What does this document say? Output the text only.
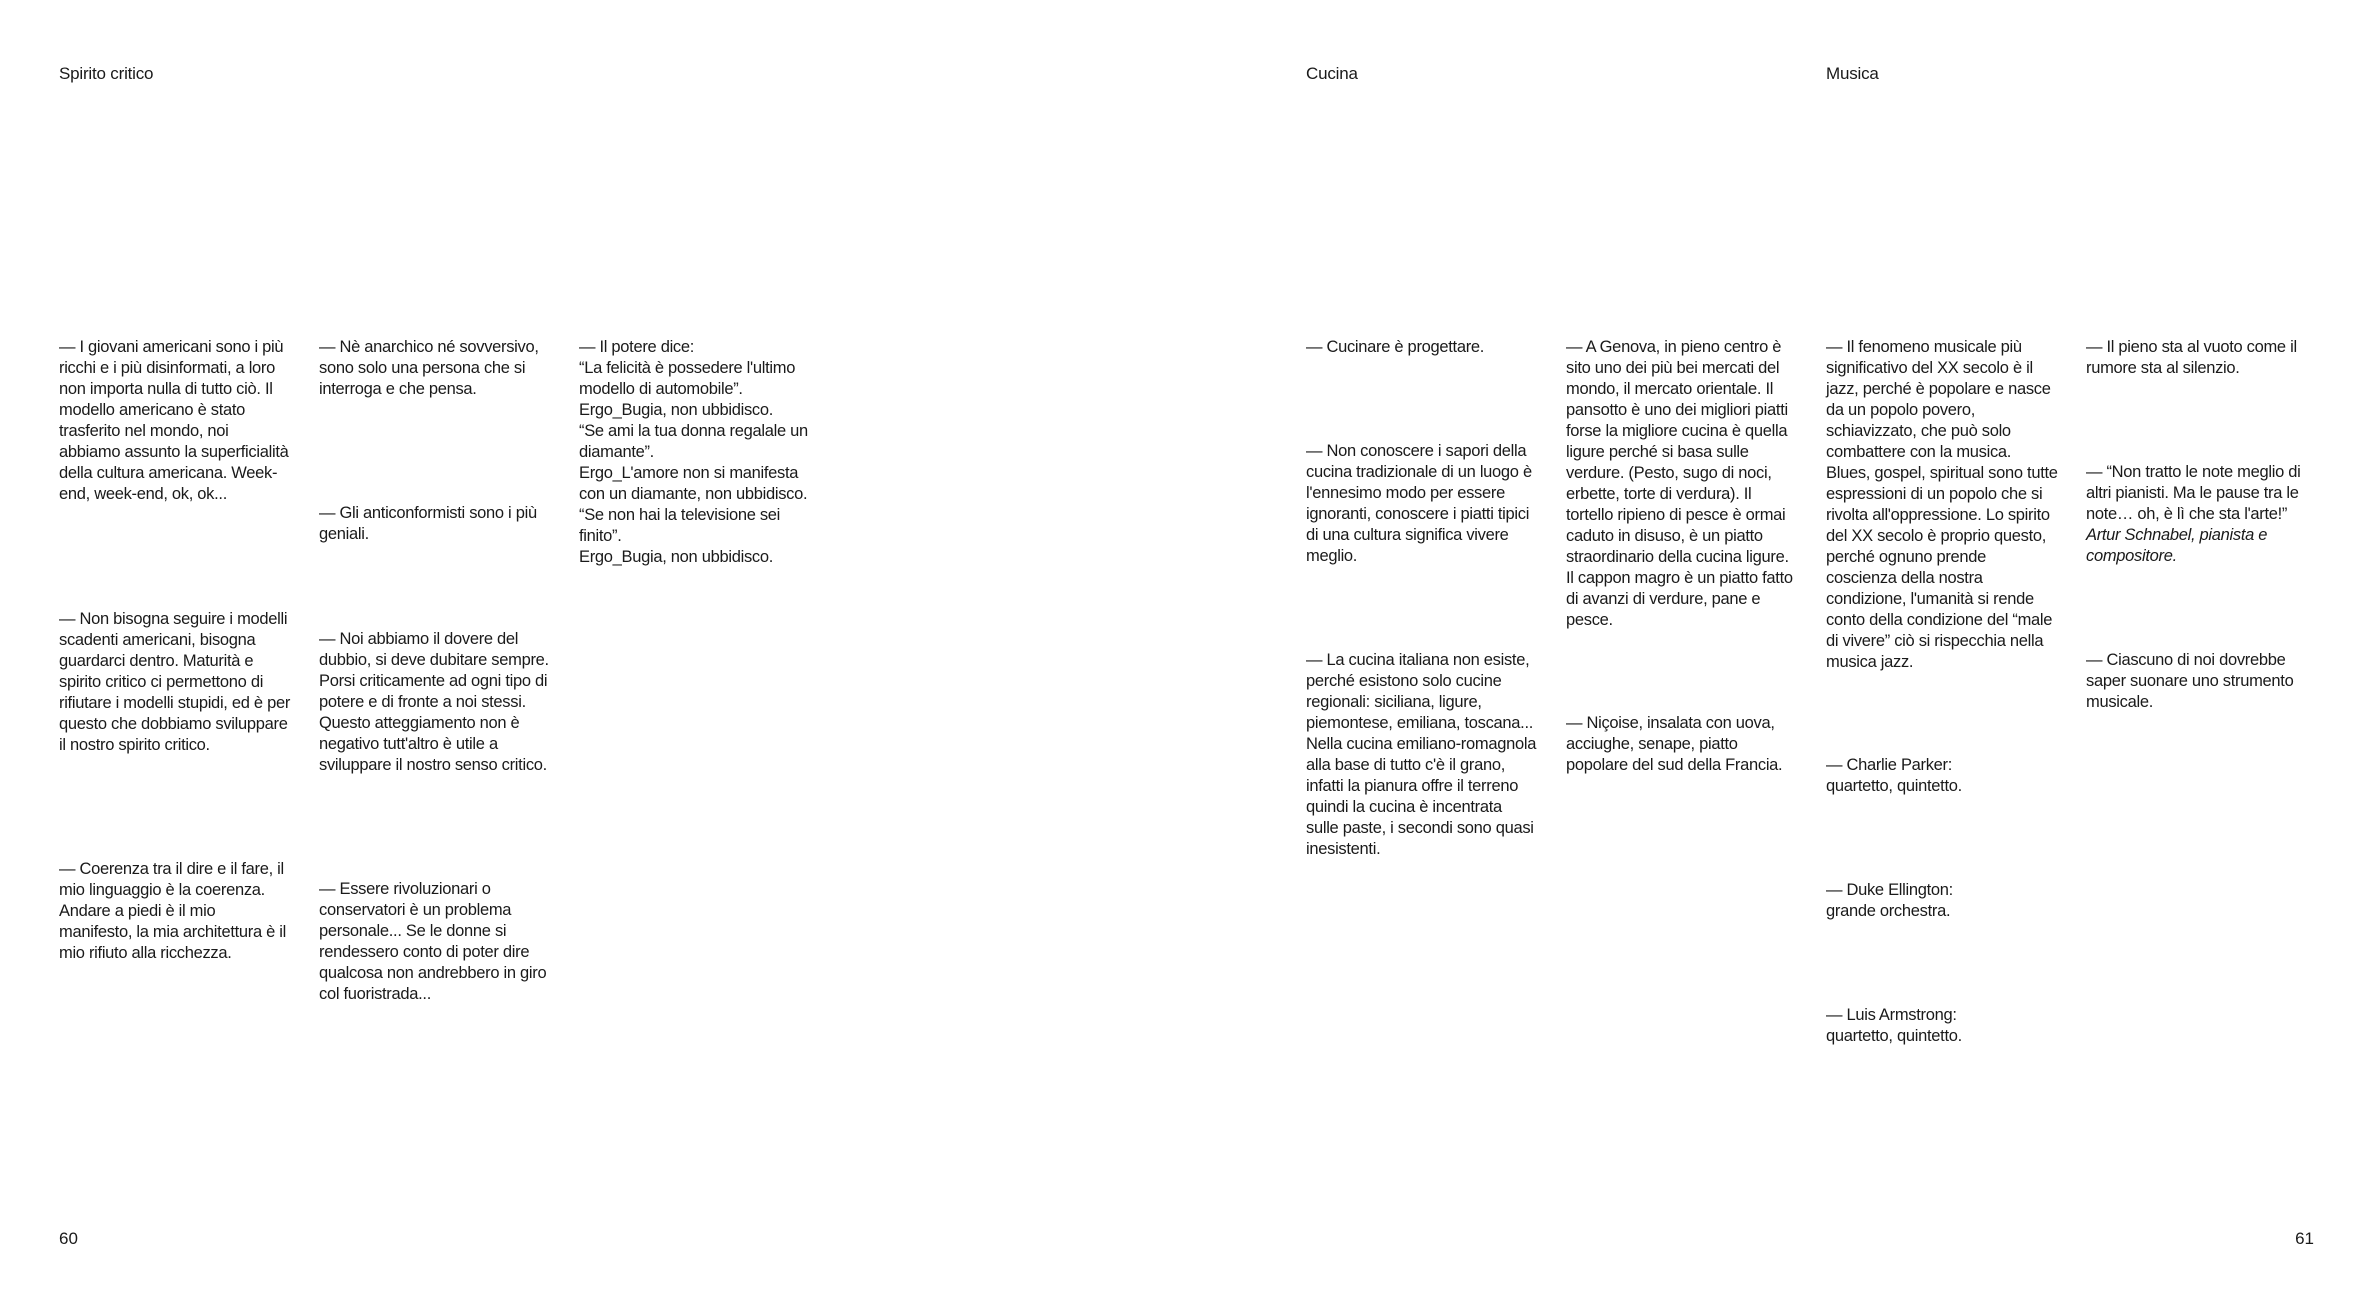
Spirito critico

— I giovani americani sono i più ricchi e i più disinformati, a loro non importa nulla di tutto ciò. Il modello americano è stato trasferito nel mondo, noi abbiamo assunto la superficialità della cultura americana. Week-end, week-end, ok, ok...

— Non bisogna seguire i modelli scadenti americani, bisogna guardarci dentro. Maturità e spirito critico ci permettono di rifiutare i modelli stupidi, ed è per questo che dobbiamo sviluppare il nostro spirito critico.

— Coerenza tra il dire e il fare, il mio linguaggio è la coerenza. Andare a piedi è il mio manifesto, la mia architettura è il mio rifiuto alla ricchezza.

— Nè anarchico né sovversivo, sono solo una persona che si interroga e che pensa.

— Gli anticonformisti sono i più geniali.

— Noi abbiamo il dovere del dubbio, si deve dubitare sempre. Porsi criticamente ad ogni tipo di potere e di fronte a noi stessi. Questo atteggiamento non è negativo tutt'altro è utile a sviluppare il nostro senso critico.

— Essere rivoluzionari o conservatori è un problema personale... Se le donne si rendessero conto di poter dire qualcosa non andrebbero in giro col fuoristrada...

— Il potere dice:
“La felicità è possedere l'ultimo modello di automobile”.
Ergo_Bugia, non ubbidisco.
“Se ami la tua donna regalale un diamante”.
Ergo_L'amore non si manifesta con un diamante, non ubbidisco.
“Se non hai la televisione sei finito”.
Ergo_Bugia, non ubbidisco.

60
Cucina

— Cucinare è progettare.

— Non conoscere i sapori della cucina tradizionale di un luogo è l'ennesimo modo per essere ignoranti, conoscere i piatti tipici di una cultura significa vivere meglio.

— La cucina italiana non esiste, perché esistono solo cucine regionali: siciliana, ligure, piemontese, emiliana, toscana... Nella cucina emiliano-romagnola alla base di tutto c'è il grano, infatti la pianura offre il terreno quindi la cucina è incentrata sulle paste, i secondi sono quasi inesistenti.

— A Genova, in pieno centro è sito uno dei più bei mercati del mondo, il mercato orientale. Il pansotto è uno dei migliori piatti forse la migliore cucina è quella ligure perché si basa sulle verdure. (Pesto, sugo di noci, erbette, torte di verdura). Il tortello ripieno di pesce è ormai caduto in disuso, è un piatto straordinario della cucina ligure. Il cappon magro è un piatto fatto di avanzi di verdure, pane e pesce.

— Niçoise, insalata con uova, acciughe, senape, piatto popolare del sud della Francia.

Musica

— Il fenomeno musicale più significativo del XX secolo è il jazz, perché è popolare e nasce da un popolo povero, schiavizzato, che può solo combattere con la musica. Blues, gospel, spiritual sono tutte espressioni di un popolo che si rivolta all'oppressione. Lo spirito del XX secolo è proprio questo, perché ognuno prende coscienza della nostra condizione, l'umanità si rende conto della condizione del “male di vivere” ciò si rispecchia nella musica jazz.

— Charlie Parker:
quartetto, quintetto.

— Duke Ellington:
grande orchestra.

— Luis Armstrong:
quartetto, quintetto.

— Il pieno sta al vuoto come il rumore sta al silenzio.

— “Non tratto le note meglio di altri pianisti. Ma le pause tra le note… oh, è lì che sta l'arte!”
Artur Schnabel, pianista e compositore.

— Ciascuno di noi dovrebbe saper suonare uno strumento musicale.

61
